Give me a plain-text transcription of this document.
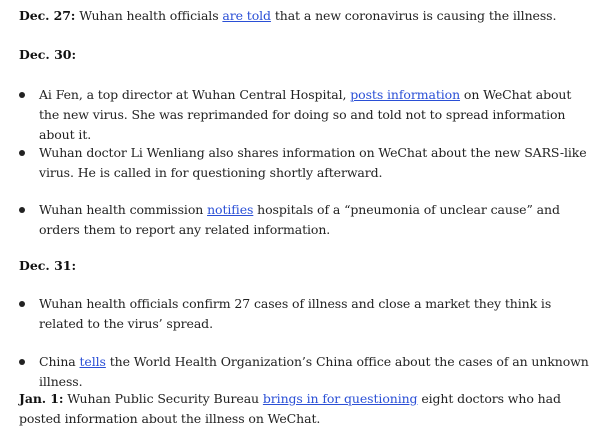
Dec. 27: Wuhan health officials are told that a new coronavirus is causing the illness.

Dec. 30:

Ai Fen, a top director at Wuhan Central Hospital, posts information on WeChat about the new virus. She was reprimanded for doing so and told not to spread information about it.
Wuhan doctor Li Wenliang also shares information on WeChat about the new SARS-like virus. He is called in for questioning shortly afterward.
Wuhan health commission notifies hospitals of a “pneumonia of unclear cause” and orders them to report any related information.

Dec. 31:

Wuhan health officials confirm 27 cases of illness and close a market they think is related to the virus’ spread.
China tells the World Health Organization’s China office about the cases of an unknown illness.

Jan. 1: Wuhan Public Security Bureau brings in for questioning eight doctors who had posted information about the illness on WeChat.
